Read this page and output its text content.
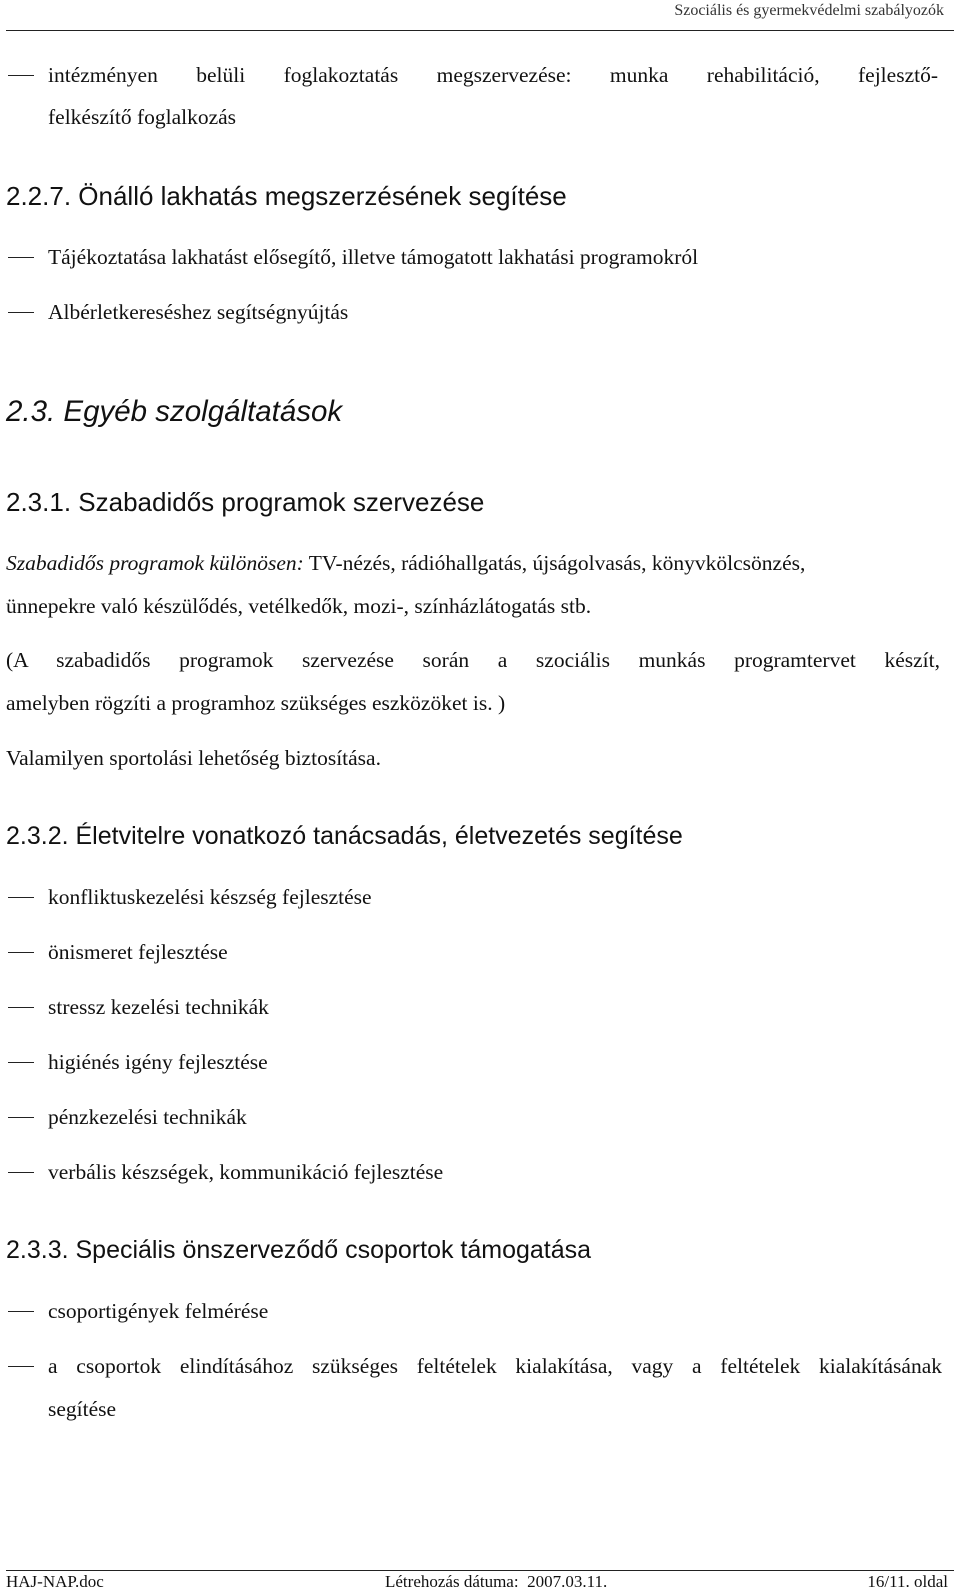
Szociális és gyermekvédelmi szabályozók
intézményen belüli foglakoztatás megszervezése: munka rehabilitáció, fejlesztő-
felkészítő foglalkozás
2.2.7. Önálló lakhatás megszerzésének segítése
Tájékoztatása lakhatást elősegítő, illetve támogatott lakhatási programokról
Albérletkereséshez segítségnyújtás
2.3. Egyéb szolgáltatások
2.3.1. Szabadidős programok szervezése
Szabadidős programok különösen: TV-nézés, rádióhallgatás, újságolvasás, könyvkölcsönzés,
ünnepekre való készülődés, vetélkedők, mozi-, színházlátogatás stb.
(A szabadidős programok szervezése során a szociális munkás programtervet készít,
amelyben rögzíti a programhoz szükséges eszközöket is. )
Valamilyen sportolási lehetőség biztosítása.
2.3.2. Életvitelre vonatkozó tanácsadás, életvezetés segítése
konfliktuskezelési készség fejlesztése
önismeret fejlesztése
stressz kezelési technikák
higiénés igény fejlesztése
pénzkezelési technikák
verbális készségek, kommunikáció fejlesztése
2.3.3. Speciális önszerveződő csoportok támogatása
csoportigények felmérése
a csoportok elindításához szükséges feltételek kialakítása, vagy a feltételek kialakításának
segítése
HAJ-NAP.doc	Létrehozás dátuma:  2007.03.11.	16/11. oldal
